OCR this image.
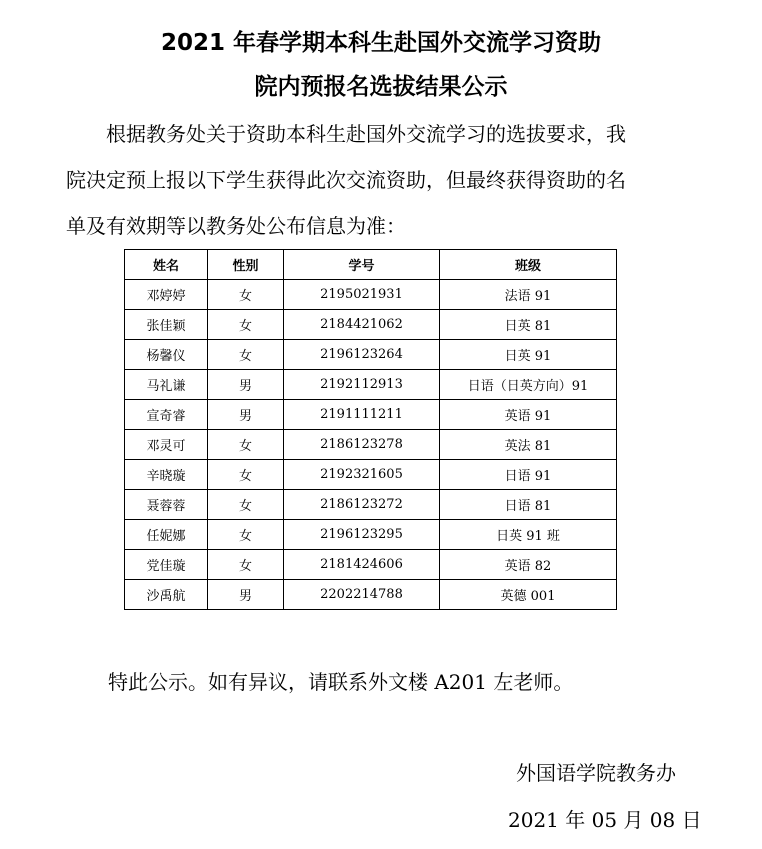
2021 年春学期本科生赴国外交流学习资助
院内预报名选拔结果公示
根据教务处关于资助本科生赴国外交流学习的选拔要求，我
院决定预上报以下学生获得此次交流资助，但最终获得资助的名
单及有效期等以教务处公布信息为准：
姓名	性别	学号	班级
邓婷婷	女	2195021931	法语 91
张佳颖	女	2184421062	日英 81
杨馨仪	女	2196123264	日英 91
马礼谦	男	2192112913	日语（日英方向）91
宣奇睿	男	2191111211	英语 91
邓灵可	女	2186123278	英法 81
辛晓璇	女	2192321605	日语 91
聂蓉蓉	女	2186123272	日语 81
任妮娜	女	2196123295	日英 91 班
党佳璇	女	2181424606	英语 82
沙禹航	男	2202214788	英德 001
特此公示。如有异议，请联系外文楼 A201 左老师。
外国语学院教务办
2021 年 05 月 08 日
